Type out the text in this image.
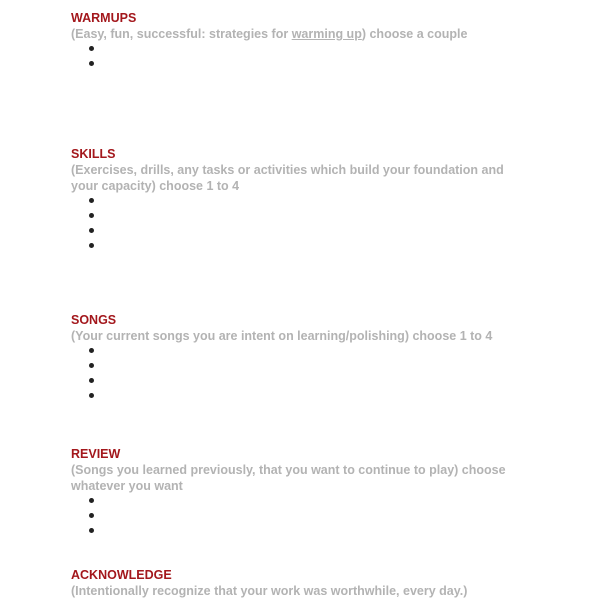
WARMUPS

(Easy, fun, successful: strategies for warming up) choose a couple

SKILLS

(Exercises, drills, any tasks or activities which build your foundation and your capacity) choose 1 to 4

SONGS

(Your current songs you are intent on learning/polishing) choose 1 to 4

REVIEW

(Songs you learned previously, that you want to continue to play) choose whatever you want

ACKNOWLEDGE

(Intentionally recognize that your work was worthwhile, every day.)
